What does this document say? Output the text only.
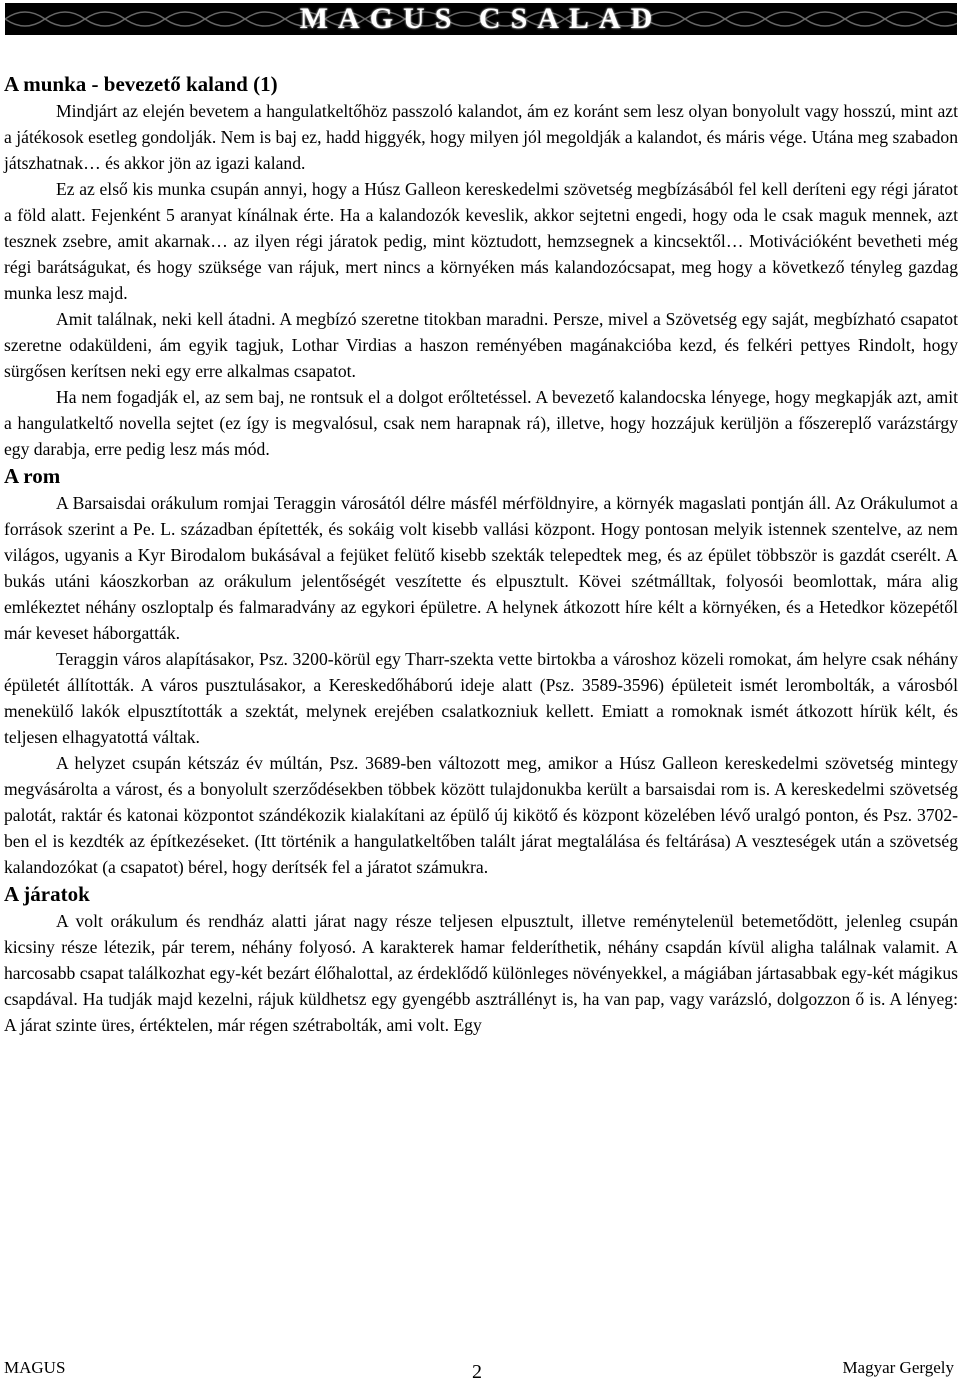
MAGUS CSALAD
A munka - bevezető kaland (1)

Mindjárt az elején bevetem a hangulatkeltőhöz passzoló kalandot, ám ez koránt sem lesz olyan bonyolult vagy hosszú, mint azt a játékosok esetleg gondolják. Nem is baj ez, hadd higgyék, hogy milyen jól megoldják a kalandot, és máris vége. Utána meg szabadon játszhatnak… és akkor jön az igazi kaland.

Ez az első kis munka csupán annyi, hogy a Húsz Galleon kereskedelmi szövetség megbízásából fel kell deríteni egy régi járatot a föld alatt. Fejenként 5 aranyat kínálnak érte. Ha a kalandozók keveslik, akkor sejtetni engedi, hogy oda le csak maguk mennek, azt tesznek zsebre, amit akarnak… az ilyen régi járatok pedig, mint köztudott, hemzsegnek a kincsektől… Motivációként bevetheti még régi barátságukat, és hogy szüksége van rájuk, mert nincs a környéken más kalandozócsapat, meg hogy a következő tényleg gazdag munka lesz majd.

Amit találnak, neki kell átadni. A megbízó szeretne titokban maradni. Persze, mivel a Szövetség egy saját, megbízható csapatot szeretne odaküldeni, ám egyik tagjuk, Lothar Virdias a haszon reményében magánakcióba kezd, és felkéri pettyes Rindolt, hogy sürgősen kerítsen neki egy erre alkalmas csapatot.

Ha nem fogadják el, az sem baj, ne rontsuk el a dolgot erőltetéssel. A bevezető kalandocska lényege, hogy megkapják azt, amit a hangulatkeltő novella sejtet (ez így is megvalósul, csak nem harapnak rá), illetve, hogy hozzájuk kerüljön a főszereplő varázstárgy egy darabja, erre pedig lesz más mód.

A rom

A Barsaisdai orákulum romjai Teraggin városától délre másfél mérföldnyire, a környék magaslati pontján áll. Az Orákulumot a források szerint a Pe. L. században építették, és sokáig volt kisebb vallási központ. Hogy pontosan melyik istennek szentelve, az nem világos, ugyanis a Kyr Birodalom bukásával a fejüket felütő kisebb szekták telepedtek meg, és az épület többször is gazdát cserélt. A bukás utáni káoszkorban az orákulum jelentőségét veszítette és elpusztult. Kövei szétmálltak, folyosói beomlottak, mára alig emlékeztet néhány oszloptalp és falmaradvány az egykori épületre. A helynek átkozott híre kélt a környéken, és a Hetedkor közepétől már keveset háborgatták.

Teraggin város alapításakor, Psz. 3200-körül egy Tharr-szekta vette birtokba a városhoz közeli romokat, ám helyre csak néhány épületét állították. A város pusztulásakor, a Kereskedőháború ideje alatt (Psz. 3589-3596) épületeit ismét lerombolták, a városból menekülő lakók elpusztították a szektát, melynek erejében csalatkozniuk kellett. Emiatt a romoknak ismét átkozott hírük kélt, és teljesen elhagyatottá váltak.

A helyzet csupán kétszáz év múltán, Psz. 3689-ben változott meg, amikor a Húsz Galleon kereskedelmi szövetség mintegy megvásárolta a várost, és a bonyolult szerződésekben többek között tulajdonukba került a barsaisdai rom is. A kereskedelmi szövetség palotát, raktár és katonai központot szándékozik kialakítani az épülő új kikötő és központ közelében lévő uralgó ponton, és Psz. 3702-ben el is kezdték az építkezéseket. (Itt történik a hangulatkeltőben talált járat megtalálása és feltárása) A veszteségek után a szövetség kalandozókat (a csapatot) bérel, hogy derítsék fel a járatot számukra.

A járatok

A volt orákulum és rendház alatti járat nagy része teljesen elpusztult, illetve reménytelenül betemetődött, jelenleg csupán kicsiny része létezik, pár terem, néhány folyosó. A karakterek hamar felderíthetik, néhány csapdán kívül aligha találnak valamit. A harcosabb csapat találkozhat egy-két bezárt élőhalottal, az érdeklődő különleges növényekkel, a mágiában jártasabbak egy-két mágikus csapdával. Ha tudják majd kezelni, rájuk küldhetsz egy gyengébb asztrállényt is, ha van pap, vagy varázsló, dolgozzon ő is. A lényeg: A járat szinte üres, értéktelen, már régen szétrabolták, ami volt. Egy

MAGUS	2	Magyar Gergely
